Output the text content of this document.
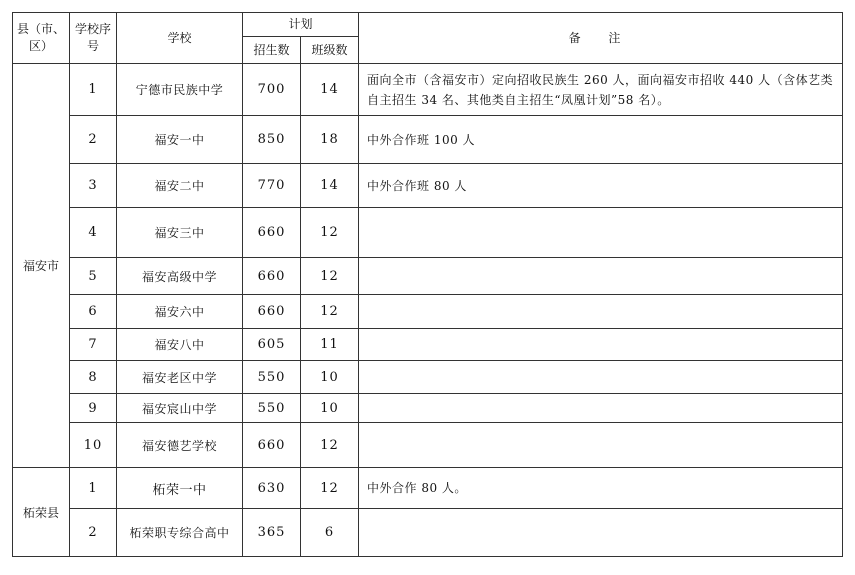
县（市、区）	学校序号	学校	计划		备 注
			招生数	班级数	
福安市	1	宁德市民族中学	700	14	面向全市（含福安市）定向招收民族生 260 人，面向福安市招收 440 人（含体艺类自主招生 34 名、其他类自主招生“凤凰计划”58 名）。
	2	福安一中	850	18	中外合作班 100 人
	3	福安二中	770	14	中外合作班 80 人
	4	福安三中	660	12	
	5	福安高级中学	660	12	
	6	福安六中	660	12	
	7	福安八中	605	11	
	8	福安老区中学	550	10	
	9	福安宸山中学	550	10	
	10	福安德艺学校	660	12	
柘荣县	1	柘荣一中	630	12	中外合作 80 人。
	2	柘荣职专综合高中	365	6	
